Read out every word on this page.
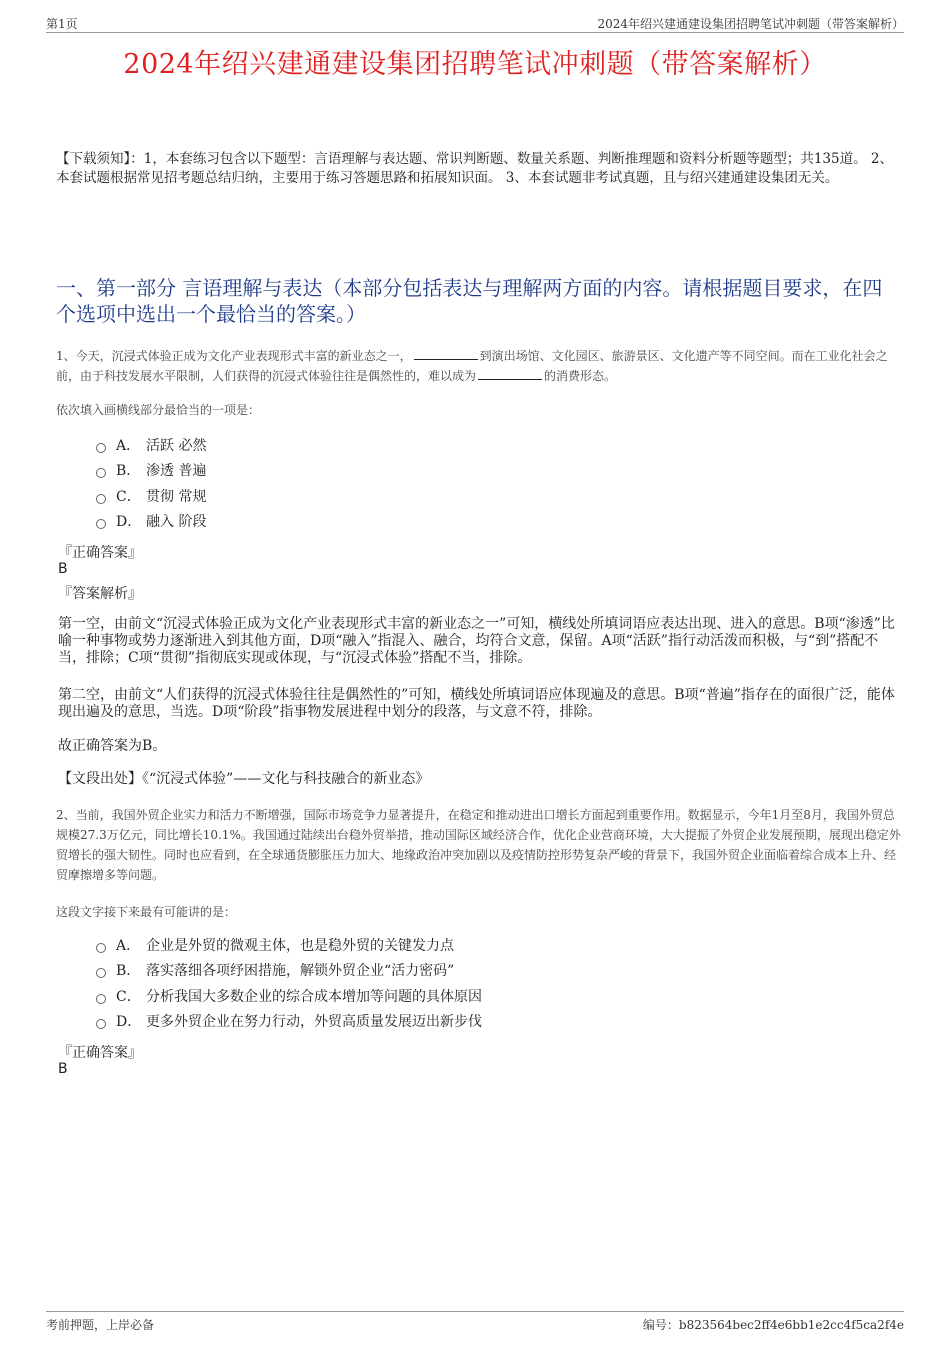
第1页	2024年绍兴建通建设集团招聘笔试冲刺题（带答案解析）
2024年绍兴建通建设集团招聘笔试冲刺题（带答案解析）
【下载须知】：1，本套练习包含以下题型：言语理解与表达题、常识判断题、数量关系题、判断推理题和资料分析题等题型；共135道。 2、本套试题根据常见招考题总结归纳，主要用于练习答题思路和拓展知识面。 3、本套试题非考试真题，且与绍兴建通建设集团无关。
一、第一部分 言语理解与表达（本部分包括表达与理解两方面的内容。请根据题目要求，在四个选项中选出一个最恰当的答案。）
1、今天，沉浸式体验正成为文化产业表现形式丰富的新业态之一，	到演出场馆、文化园区、旅游景区、文化遗产等不同空间。而在工业化社会之前，由于科技发展水平限制，人们获得的沉浸式体验往往是偶然性的，难以成为	的消费形态。
依次填入画横线部分最恰当的一项是：
A． 活跃 必然
B． 渗透 普遍
C． 贯彻 常规
D． 融入 阶段
『正确答案』
B
『答案解析』
第一空，由前文“沉浸式体验正成为文化产业表现形式丰富的新业态之一”可知，横线处所填词语应表达出现、进入的意思。B项“渗透”比喻一种事物或势力逐渐进入到其他方面，D项“融入”指混入、融合，均符合文意，保留。A项“活跃”指行动活泼而积极，与“到”搭配不当，排除；C项“贯彻”指彻底实现或体现，与“沉浸式体验”搭配不当，排除。
第二空，由前文“人们获得的沉浸式体验往往是偶然性的”可知，横线处所填词语应体现遍及的意思。B项“普遍”指存在的面很广泛，能体现出遍及的意思，当选。D项“阶段”指事物发展进程中划分的段落，与文意不符，排除。
故正确答案为B。
【文段出处】《“沉浸式体验”——文化与科技融合的新业态》
2、当前，我国外贸企业实力和活力不断增强，国际市场竞争力显著提升，在稳定和推动进出口增长方面起到重要作用。数据显示，今年1月至8月，我国外贸总规模27.3万亿元，同比增长10.1%。我国通过陆续出台稳外贸举措，推动国际区域经济合作，优化企业营商环境，大大提振了外贸企业发展预期，展现出稳定外贸增长的强大韧性。同时也应看到，在全球通货膨胀压力加大、地缘政治冲突加剧以及疫情防控形势复杂严峻的背景下，我国外贸企业面临着综合成本上升、经贸摩擦增多等问题。
这段文字接下来最有可能讲的是：
A． 企业是外贸的微观主体，也是稳外贸的关键发力点
B． 落实落细各项纾困措施，解锁外贸企业“活力密码”
C． 分析我国大多数企业的综合成本增加等问题的具体原因
D． 更多外贸企业在努力行动，外贸高质量发展迈出新步伐
『正确答案』
B
考前押题，上岸必备	编号：b823564bec2ff4e6bb1e2cc4f5ca2f4e
